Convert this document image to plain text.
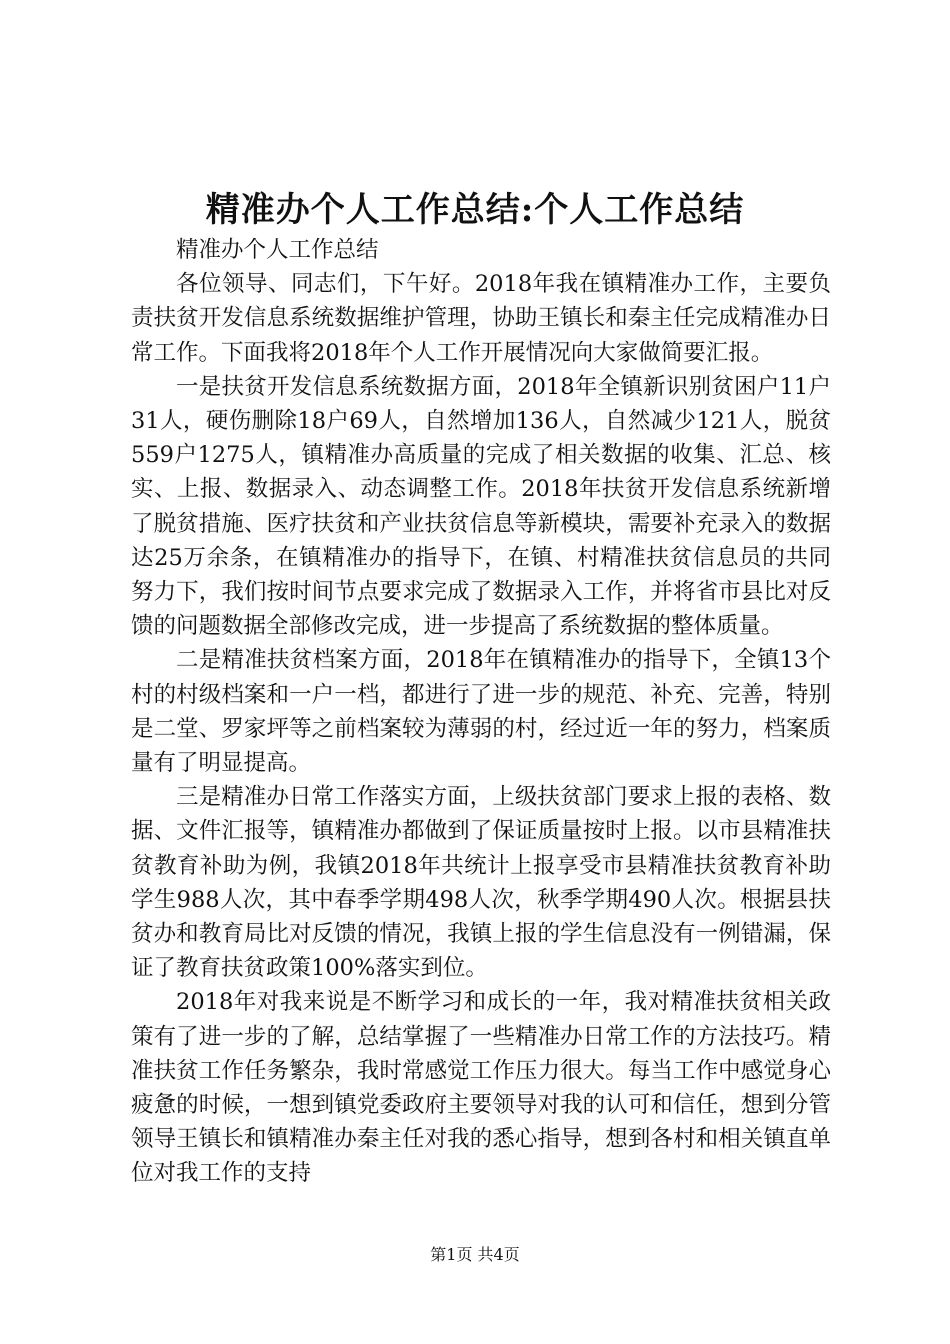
精准办个人工作总结:个人工作总结

精准办个人工作总结

各位领导、同志们，下午好。2018年我在镇精准办工作，主要负责扶贫开发信息系统数据维护管理，协助王镇长和秦主任完成精准办日常工作。下面我将2018年个人工作开展情况向大家做简要汇报。

一是扶贫开发信息系统数据方面，2018年全镇新识别贫困户11户31人，硬伤删除18户69人，自然增加136人，自然减少121人，脱贫559户1275人，镇精准办高质量的完成了相关数据的收集、汇总、核实、上报、数据录入、动态调整工作。2018年扶贫开发信息系统新增了脱贫措施、医疗扶贫和产业扶贫信息等新模块，需要补充录入的数据达25万余条，在镇精准办的指导下，在镇、村精准扶贫信息员的共同努力下，我们按时间节点要求完成了数据录入工作，并将省市县比对反馈的问题数据全部修改完成，进一步提高了系统数据的整体质量。

二是精准扶贫档案方面，2018年在镇精准办的指导下，全镇13个村的村级档案和一户一档，都进行了进一步的规范、补充、完善，特别是二堂、罗家坪等之前档案较为薄弱的村，经过近一年的努力，档案质量有了明显提高。

三是精准办日常工作落实方面，上级扶贫部门要求上报的表格、数据、文件汇报等，镇精准办都做到了保证质量按时上报。以市县精准扶贫教育补助为例，我镇2018年共统计上报享受市县精准扶贫教育补助学生988人次，其中春季学期498人次，秋季学期490人次。根据县扶贫办和教育局比对反馈的情况，我镇上报的学生信息没有一例错漏，保证了教育扶贫政策100%落实到位。

2018年对我来说是不断学习和成长的一年，我对精准扶贫相关政策有了进一步的了解，总结掌握了一些精准办日常工作的方法技巧。精准扶贫工作任务繁杂，我时常感觉工作压力很大。每当工作中感觉身心疲惫的时候，一想到镇党委政府主要领导对我的认可和信任，想到分管领导王镇长和镇精准办秦主任对我的悉心指导，想到各村和相关镇直单位对我工作的支持

第1页 共4页
